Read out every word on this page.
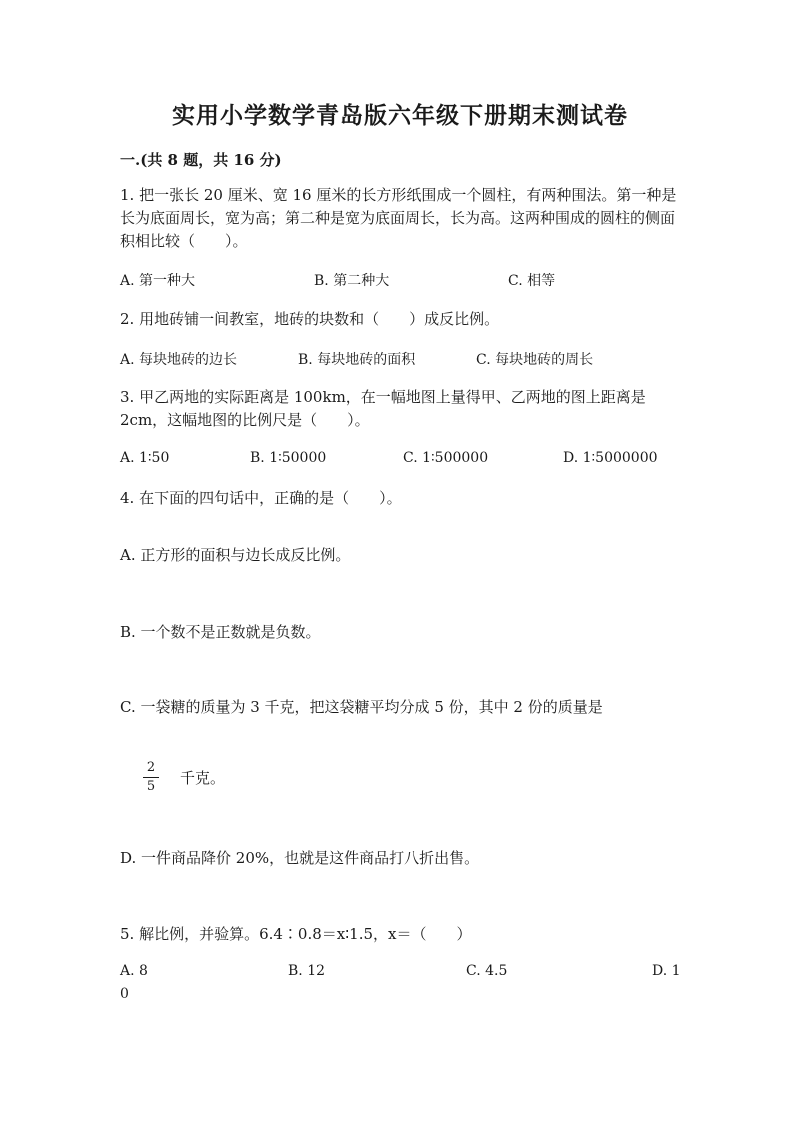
实用小学数学青岛版六年级下册期末测试卷
一.(共 8 题，共 16 分)
1. 把一张长 20 厘米、宽 16 厘米的长方形纸围成一个圆柱，有两种围法。第一种是长为底面周长，宽为高；第二种是宽为底面周长，长为高。这两种围成的圆柱的侧面积相比较（　　）。
A. 第一种大	B. 第二种大	C. 相等
2. 用地砖铺一间教室，地砖的块数和（　　）成反比例。
A. 每块地砖的边长	B. 每块地砖的面积	C. 每块地砖的周长
3. 甲乙两地的实际距离是 100km，在一幅地图上量得甲、乙两地的图上距离是 2cm，这幅地图的比例尺是（　　）。
A. 1∶50	B. 1∶50000	C. 1∶500000	D. 1∶5000000
4. 在下面的四句话中，正确的是（　　）。
A. 正方形的面积与边长成反比例。
B. 一个数不是正数就是负数。
C. 一袋糖的质量为 3 千克，把这袋糖平均分成 5 份，其中 2 份的质量是
2
5 千克。
D. 一件商品降价 20%，也就是这件商品打八折出售。
5. 解比例，并验算。6.4∶0.8＝x∶1.5，x＝（　　）
A. 8	B. 12	C. 4.5	D. 1
0
